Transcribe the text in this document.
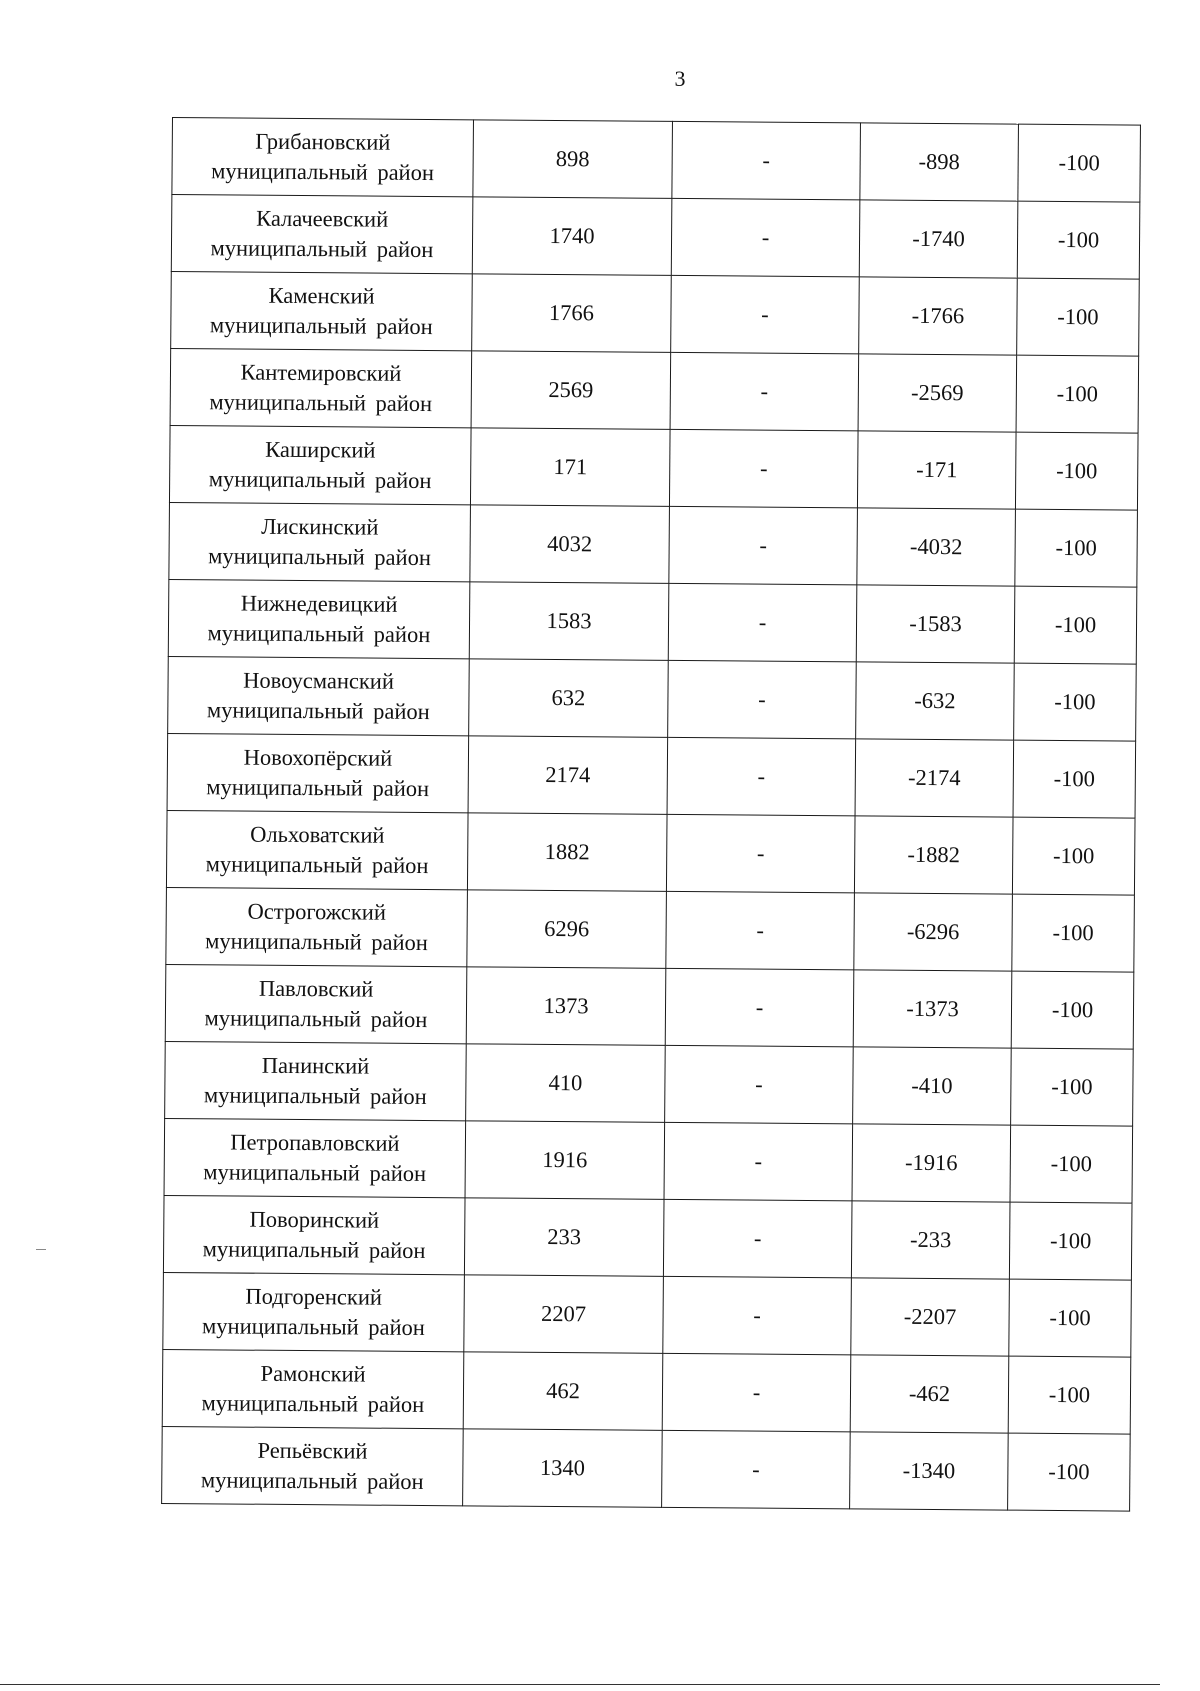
3
Грибановский
муниципальный район	898	-	-898	-100

Калачеевский
муниципальный район	1740	-	-1740	-100

Каменский
муниципальный район	1766	-	-1766	-100

Кантемировский
муниципальный район	2569	-	-2569	-100

Каширский
муниципальный район	171	-	-171	-100

Лискинский
муниципальный район	4032	-	-4032	-100

Нижнедевицкий
муниципальный район	1583	-	-1583	-100

Новоусманский
муниципальный район	632	-	-632	-100

Новохопёрский
муниципальный район	2174	-	-2174	-100

Ольховатский
муниципальный район	1882	-	-1882	-100

Острогожский
муниципальный район	6296	-	-6296	-100

Павловский
муниципальный район	1373	-	-1373	-100

Панинский
муниципальный район	410	-	-410	-100

Петропавловский
муниципальный район	1916	-	-1916	-100

Поворинский
муниципальный район	233	-	-233	-100

Подгоренский
муниципальный район	2207	-	-2207	-100

Рамонский
муниципальный район	462	-	-462	-100

Репьёвский
муниципальный район	1340	-	-1340	-100
